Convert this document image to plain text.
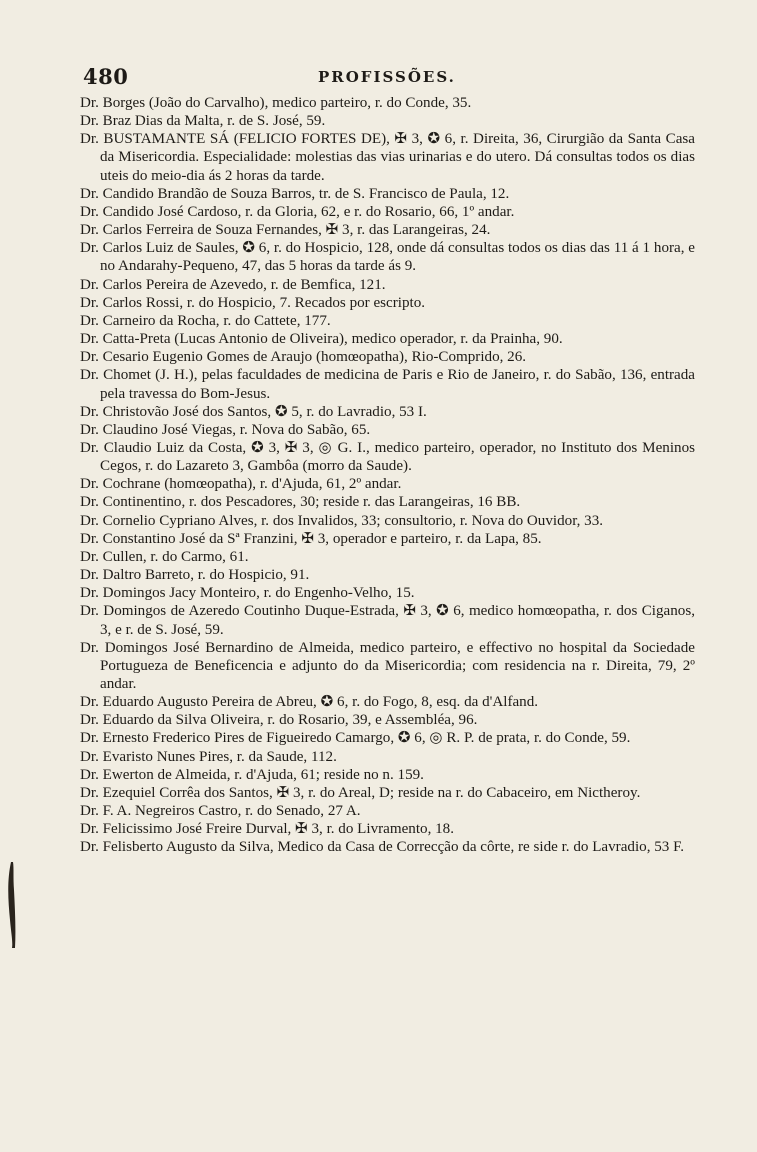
480	PROFISSÕES.

Dr. Borges (João do Carvalho), medico parteiro, r. do Conde, 35.

Dr. Braz Dias da Malta, r. de S. José, 59.

Dr. BUSTAMANTE SÁ (FELICIO FORTES DE), ✠ 3, ✪ 6, r. Direita, 36, Cirurgião da Santa Casa da Misericordia. Especialidade: molestias das vias urinarias e do utero. Dá consultas todos os dias uteis do meio-dia ás 2 horas da tarde.

Dr. Candido Brandão de Souza Barros, tr. de S. Francisco de Paula, 12.

Dr. Candido José Cardoso, r. da Gloria, 62, e r. do Rosario, 66, 1º andar.

Dr. Carlos Ferreira de Souza Fernandes, ✠ 3, r. das Larangeiras, 24.

Dr. Carlos Luiz de Saules, ✪ 6, r. do Hospicio, 128, onde dá consultas todos os dias das 11 á 1 hora, e no Andarahy-Pequeno, 47, das 5 horas da tarde ás 9.

Dr. Carlos Pereira de Azevedo, r. de Bemfica, 121.

Dr. Carlos Rossi, r. do Hospicio, 7. Recados por escripto.

Dr. Carneiro da Rocha, r. do Cattete, 177.

Dr. Catta-Preta (Lucas Antonio de Oliveira), medico operador, r. da Prainha, 90.

Dr. Cesario Eugenio Gomes de Araujo (homœopatha), Rio-Comprido, 26.

Dr. Chomet (J. H.), pelas faculdades de medicina de Paris e Rio de Janeiro, r. do Sabão, 136, entrada pela travessa do Bom-Jesus.

Dr. Christovão José dos Santos, ✪ 5, r. do Lavradio, 53 I.

Dr. Claudino José Viegas, r. Nova do Sabão, 65.

Dr. Claudio Luiz da Costa, ✪ 3, ✠ 3, ◎ G. I., medico parteiro, operador, no Instituto dos Meninos Cegos, r. do Lazareto 3, Gambôa (morro da Saude).

Dr. Cochrane (homœopatha), r. d'Ajuda, 61, 2º andar.

Dr. Continentino, r. dos Pescadores, 30; reside r. das Larangeiras, 16 BB.

Dr. Cornelio Cypriano Alves, r. dos Invalidos, 33; consultorio, r. Nova do Ouvidor, 33.

Dr. Constantino José da Sª Franzini, ✠ 3, operador e parteiro, r. da Lapa, 85.

Dr. Cullen, r. do Carmo, 61.

Dr. Daltro Barreto, r. do Hospicio, 91.

Dr. Domingos Jacy Monteiro, r. do Engenho-Velho, 15.

Dr. Domingos de Azeredo Coutinho Duque-Estrada, ✠ 3, ✪ 6, medico homœopatha, r. dos Ciganos, 3, e r. de S. José, 59.

Dr. Domingos José Bernardino de Almeida, medico parteiro, e effectivo no hospital da Sociedade Portugueza de Beneficencia e adjunto do da Misericordia; com residencia na r. Direita, 79, 2º andar.

Dr. Eduardo Augusto Pereira de Abreu, ✪ 6, r. do Fogo, 8, esq. da d'Alfand.

Dr. Eduardo da Silva Oliveira, r. do Rosario, 39, e Assembléa, 96.

Dr. Ernesto Frederico Pires de Figueiredo Camargo, ✪ 6, ◎ R. P. de prata, r. do Conde, 59.

Dr. Evaristo Nunes Pires, r. da Saude, 112.

Dr. Ewerton de Almeida, r. d'Ajuda, 61; reside no n. 159.

Dr. Ezequiel Corrêa dos Santos, ✠ 3, r. do Areal, D; reside na r. do Cabaceiro, em Nictheroy.

Dr. F. A. Negreiros Castro, r. do Senado, 27 A.

Dr. Felicissimo José Freire Durval, ✠ 3, r. do Livramento, 18.

Dr. Felisberto Augusto da Silva, Medico da Casa de Correcção da côrte, re side r. do Lavradio, 53 F.
